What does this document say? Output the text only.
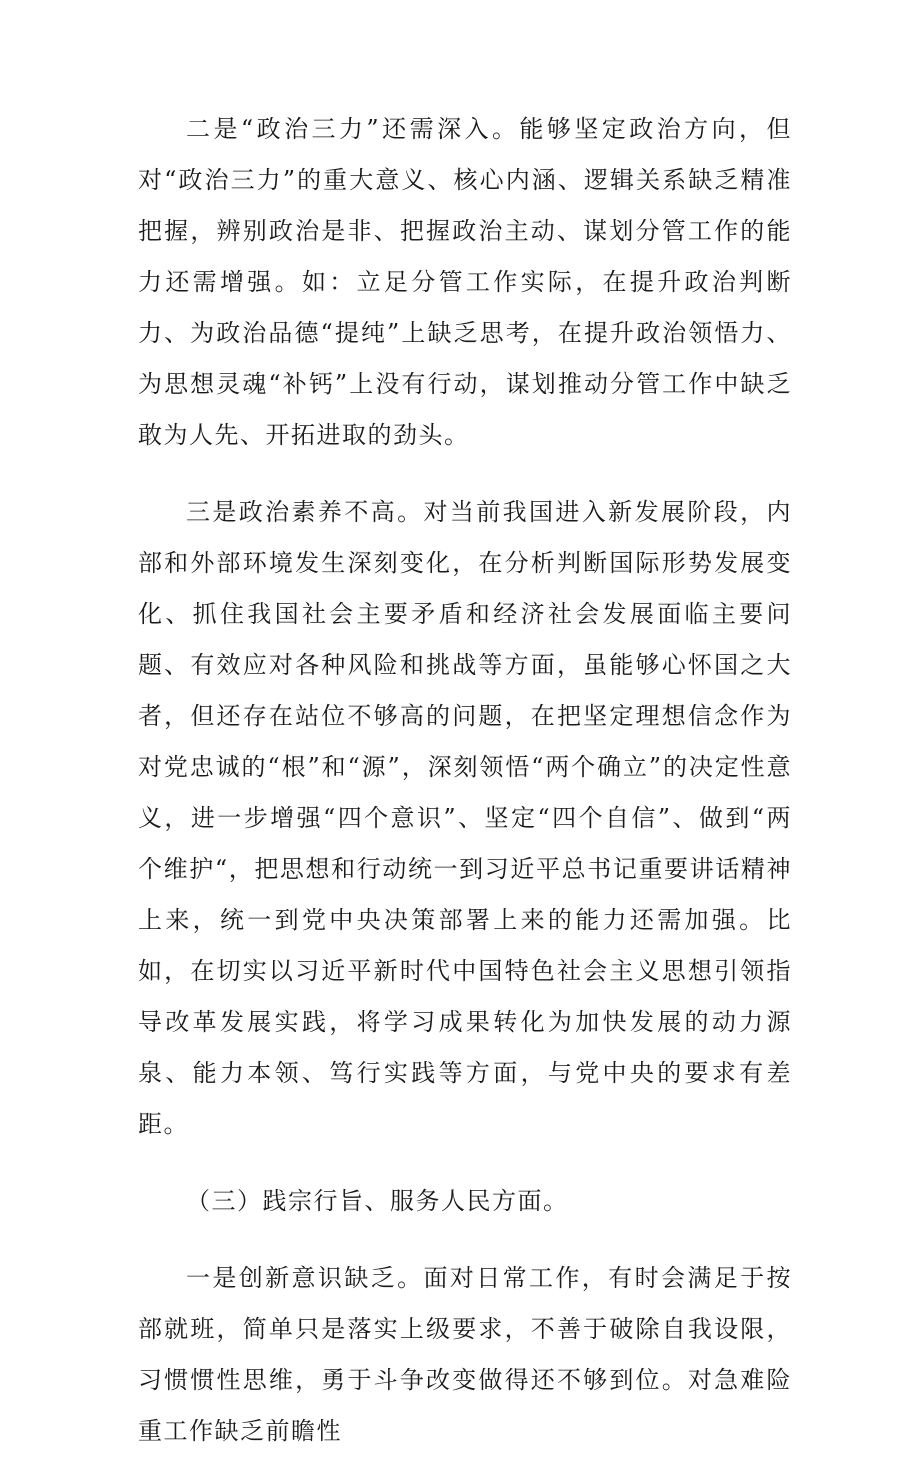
二是“政治三力”还需深入。能够坚定政治方向，但对“政治三力”的重大意义、核心内涵、逻辑关系缺乏精准把握，辨别政治是非、把握政治主动、谋划分管工作的能力还需增强。如：立足分管工作实际，在提升政治判断力、为政治品德“提纯”上缺乏思考，在提升政治领悟力、为思想灵魂“补钙”上没有行动，谋划推动分管工作中缺乏敢为人先、开拓进取的劲头。

三是政治素养不高。对当前我国进入新发展阶段，内部和外部环境发生深刻变化，在分析判断国际形势发展变化、抓住我国社会主要矛盾和经济社会发展面临主要问题、有效应对各种风险和挑战等方面，虽能够心怀国之大者，但还存在站位不够高的问题，在把坚定理想信念作为对党忠诚的“根”和“源”，深刻领悟“两个确立”的决定性意义，进一步增强“四个意识”、坚定“四个自信”、做到“两个维护“，把思想和行动统一到习近平总书记重要讲话精神上来，统一到党中央决策部署上来的能力还需加强。比如，在切实以习近平新时代中国特色社会主义思想引领指导改革发展实践，将学习成果转化为加快发展的动力源泉、能力本领、笃行实践等方面，与党中央的要求有差距。

（三）践宗行旨、服务人民方面。

一是创新意识缺乏。面对日常工作，有时会满足于按部就班，简单只是落实上级要求，不善于破除自我设限，习惯惯性思维，勇于斗争改变做得还不够到位。对急难险重工作缺乏前瞻性
